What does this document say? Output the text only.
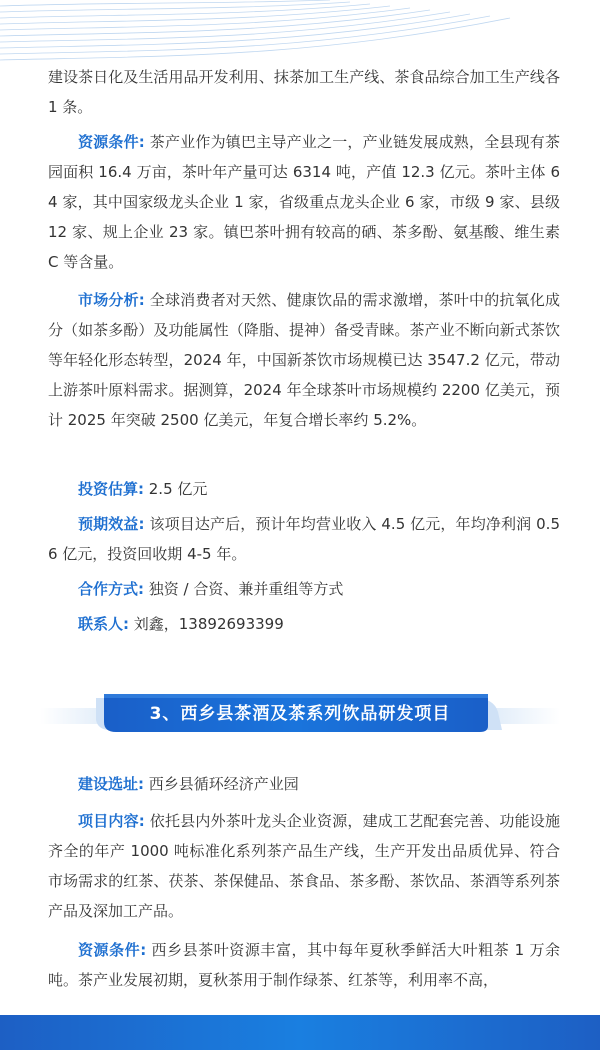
建设茶日化及生活用品开发利用、抹茶加工生产线、茶食品综合加工生产线各 1 条。

资源条件: 茶产业作为镇巴主导产业之一，产业链发展成熟，全县现有茶园面积 16.4 万亩，茶叶年产量可达 6314 吨，产值 12.3 亿元。茶叶主体 64 家，其中国家级龙头企业 1 家，省级重点龙头企业 6 家，市级 9 家、县级 12 家、规上企业 23 家。镇巴茶叶拥有较高的硒、茶多酚、氨基酸、维生素 C 等含量。

市场分析: 全球消费者对天然、健康饮品的需求激增，茶叶中的抗氧化成分（如茶多酚）及功能属性（降脂、提神）备受青睐。茶产业不断向新式茶饮等年轻化形态转型，2024 年，中国新茶饮市场规模已达 3547.2 亿元，带动上游茶叶原料需求。据测算，2024 年全球茶叶市场规模约 2200 亿美元，预计 2025 年突破 2500 亿美元，年复合增长率约 5.2%。

投资估算: 2.5 亿元

预期效益: 该项目达产后，预计年均营业收入 4.5 亿元，年均净利润 0.56 亿元，投资回收期 4-5 年。

合作方式: 独资 / 合资、兼并重组等方式

联系人: 刘鑫，13892693399

建设选址: 西乡县循环经济产业园

项目内容: 依托县内外茶叶龙头企业资源，建成工艺配套完善、功能设施齐全的年产 1000 吨标准化系列茶产品生产线，生产开发出品质优异、符合市场需求的红茶、茯茶、茶保健品、茶食品、茶多酚、茶饮品、茶酒等系列茶产品及深加工产品。

资源条件: 西乡县茶叶资源丰富，其中每年夏秋季鲜活大叶粗茶 1 万余吨。茶产业发展初期，夏秋茶用于制作绿茶、红茶等，利用率不高，

3、西乡县茶酒及茶系列饮品研发项目
